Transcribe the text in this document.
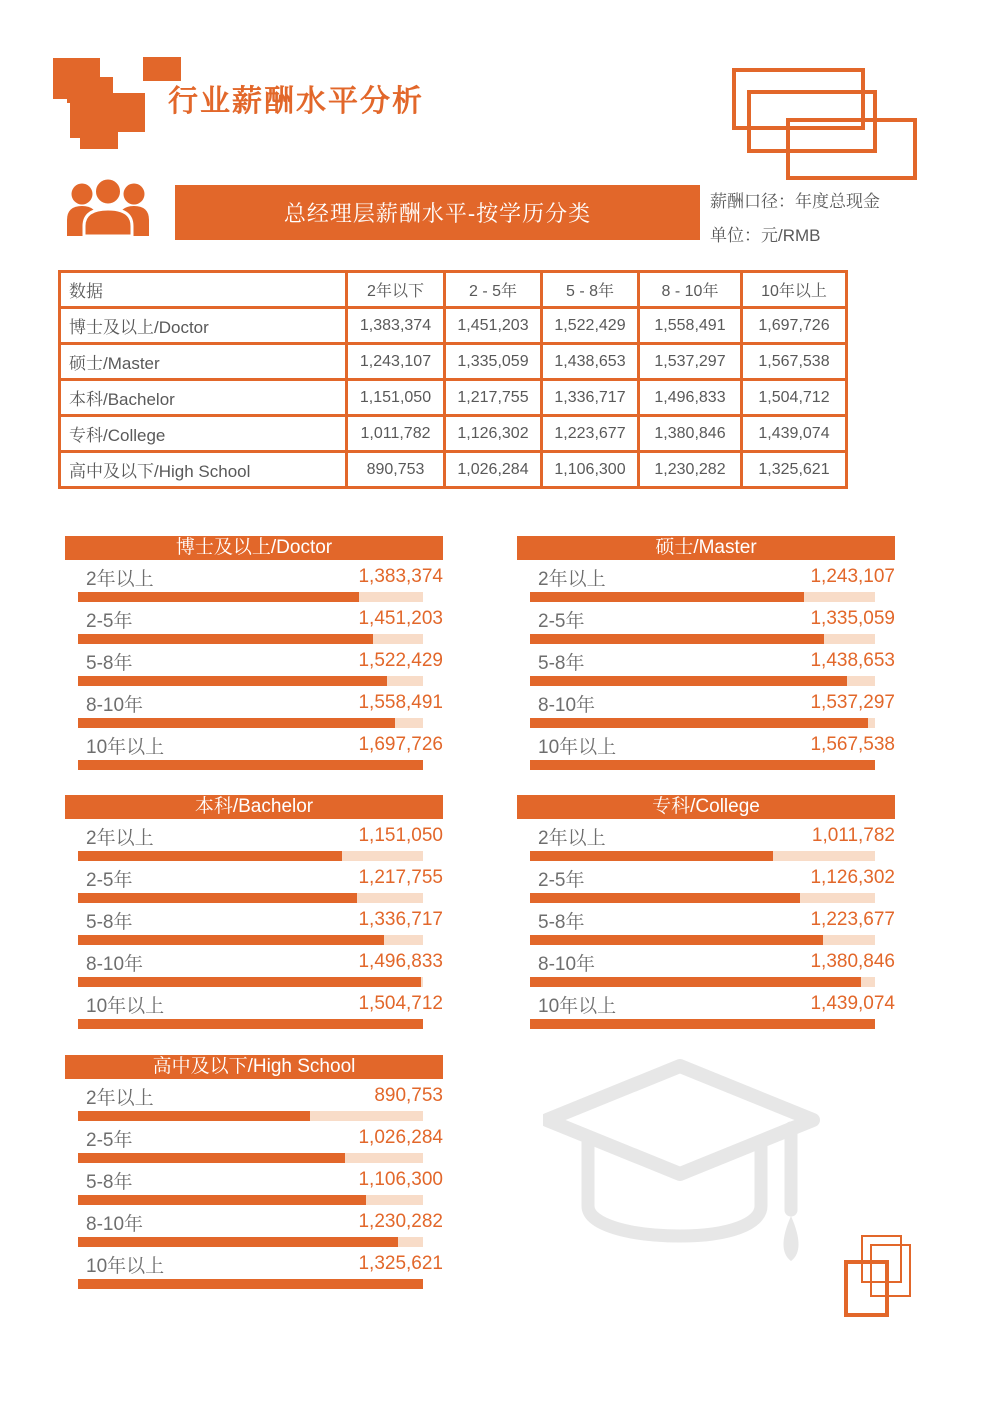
行业薪酬水平分析
总经理层薪酬水平-按学历分类	薪酬口径：年度总现金
单位：元/RMB
数据	2年以下	2 - 5年	5 - 8年	8 - 10年	10年以上
博士及以上/Doctor	1,383,374	1,451,203	1,522,429	1,558,491	1,697,726
硕士/Master	1,243,107	1,335,059	1,438,653	1,537,297	1,567,538
本科/Bachelor	1,151,050	1,217,755	1,336,717	1,496,833	1,504,712
专科/College	1,011,782	1,126,302	1,223,677	1,380,846	1,439,074
高中及以下/High School	890,753	1,026,284	1,106,300	1,230,282	1,325,621
博士及以上/Doctor
2年以上	1,383,374
2-5年	1,451,203
5-8年	1,522,429
8-10年	1,558,491
10年以上	1,697,726
硕士/Master
2年以上	1,243,107
2-5年	1,335,059
5-8年	1,438,653
8-10年	1,537,297
10年以上	1,567,538
本科/Bachelor
2年以上	1,151,050
2-5年	1,217,755
5-8年	1,336,717
8-10年	1,496,833
10年以上	1,504,712
专科/College
2年以上	1,011,782
2-5年	1,126,302
5-8年	1,223,677
8-10年	1,380,846
10年以上	1,439,074
高中及以下/High School
2年以上	890,753
2-5年	1,026,284
5-8年	1,106,300
8-10年	1,230,282
10年以上	1,325,621
